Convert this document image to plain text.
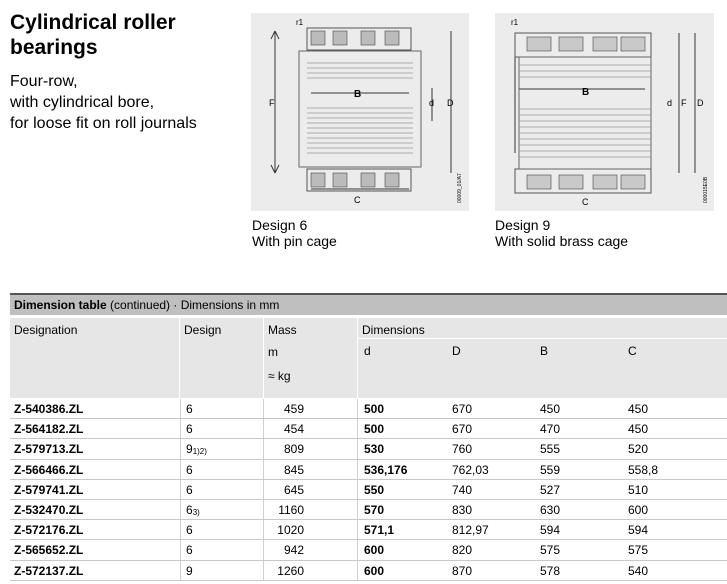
Cylindrical roller bearings
Four-row,
with cylindrical bore,
for loose fit on roll journals
F
B
C
d D
r1
00009_01/A7
Design 6
With pin cage
r1
B
C
d F D
000015E0B
Design 9
With solid brass cage
Dimension table (continued) · Dimensions in mm
Designation	Design	Mass
m
≈ kg
Dimensions
d	D	B	C
Z-540386.ZL	6	459	500	670	450	450
Z-564182.ZL	6	454	500	670	470	450
Z-579713.ZL	$9^{1)2)}$	809	530	760	555	520
Z-566466.ZL	6	845	536,176	762,03	559	558,8
Z-579741.ZL	6	645	550	740	527	510
Z-532470.ZL	6$^{3)}$	1160	570	830	630	600
Z-572176.ZL	6	1020	571,1	812,97	594	594
Z-565652.ZL	6	942	600	820	575	575
Z-572137.ZL	9	1260	600	870	578	540
